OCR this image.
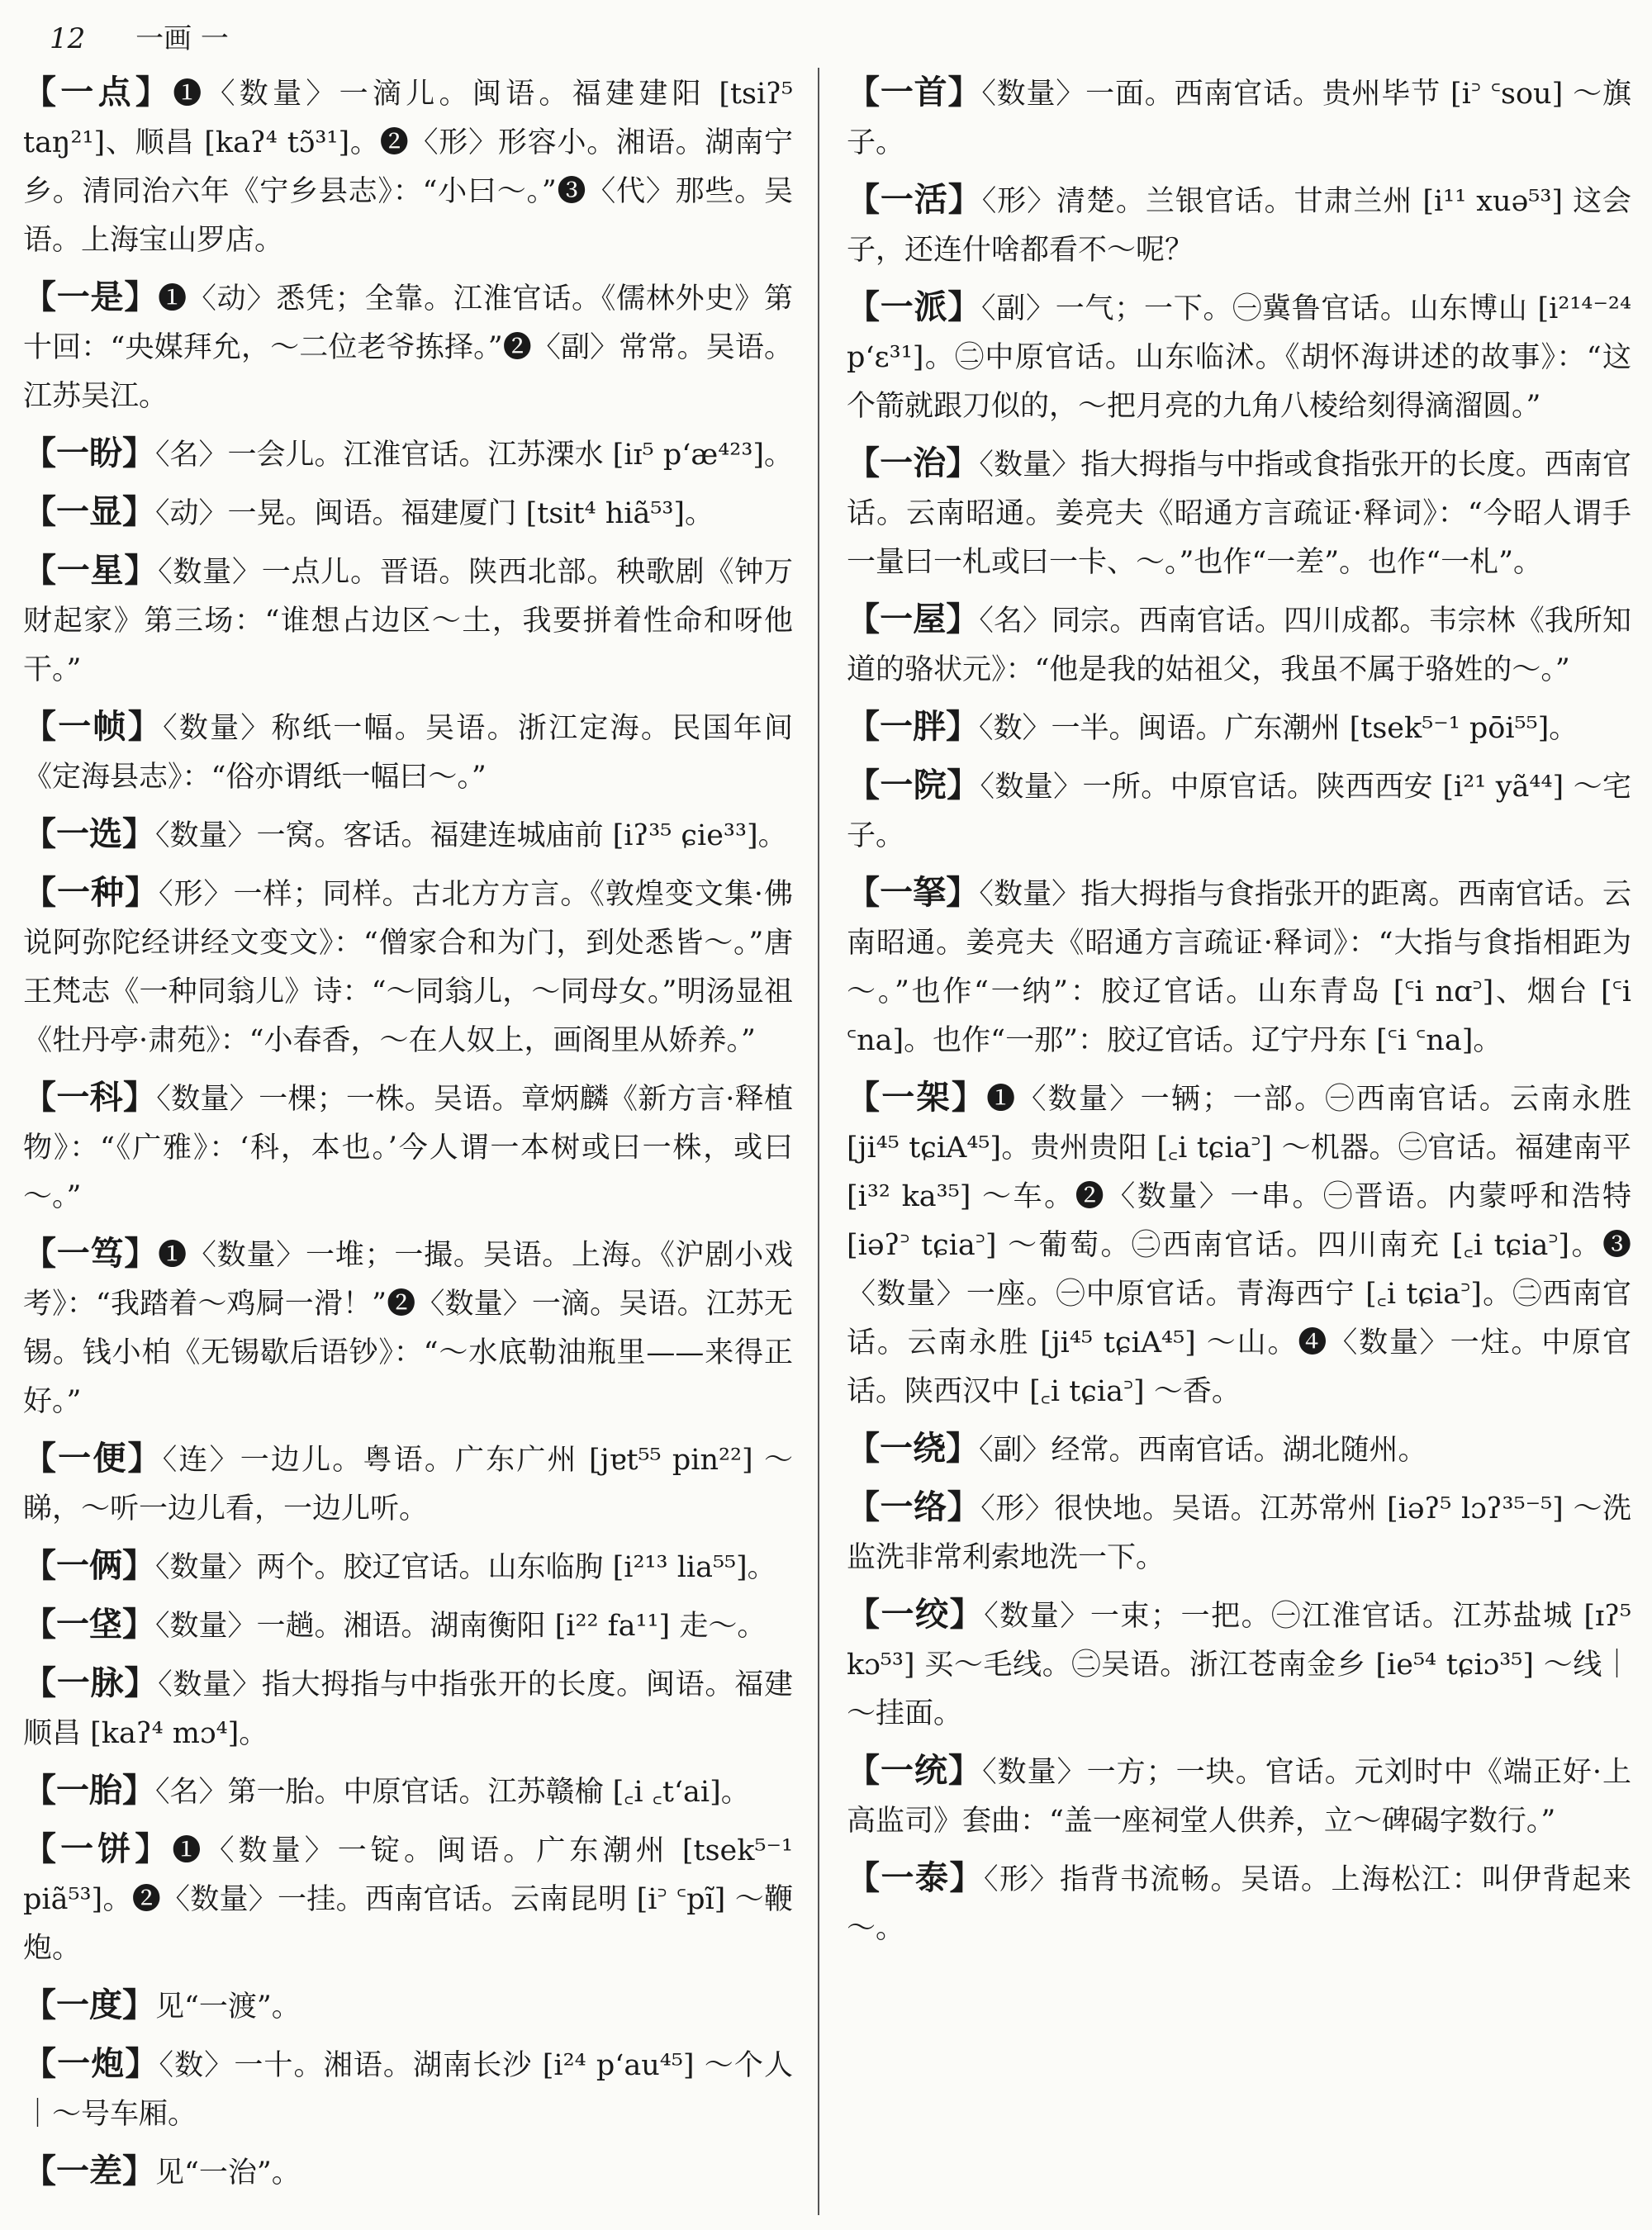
12 一画 一

【一点】❶〈数量〉一滴儿。闽语。福建建阳 [tsiʔ⁵ taŋ²¹]、顺昌 [kaʔ⁴ tɔ̃³¹]。❷〈形〉形容小。湘语。湖南宁乡。清同治六年《宁乡县志》：“小曰～。”❸〈代〉那些。吴语。上海宝山罗店。

【一是】❶〈动〉悉凭；全靠。江淮官话。《儒林外史》第十回：“央媒拜允，～二位老爷拣择。”❷〈副〉常常。吴语。江苏吴江。

【一盼】〈名〉一会儿。江淮官话。江苏溧水 [iɪ⁵ pʻæ⁴²³]。

【一显】〈动〉一晃。闽语。福建厦门 [tsit⁴ hiã⁵³]。

【一星】〈数量〉一点儿。晋语。陕西北部。秧歌剧《钟万财起家》第三场：“谁想占边区～土，我要拼着性命和呀他干。”

【一帧】〈数量〉称纸一幅。吴语。浙江定海。民国年间《定海县志》：“俗亦谓纸一幅曰～。”

【一选】〈数量〉一窝。客话。福建连城庙前 [iʔ³⁵ ɕie³³]。

【一种】〈形〉一样；同样。古北方方言。《敦煌变文集·佛说阿弥陀经讲经文变文》：“僧家合和为门，到处悉皆～。”唐王梵志《一种同翁儿》诗：“～同翁儿，～同母女。”明汤显祖《牡丹亭·肃苑》：“小春香，～在人奴上，画阁里从娇养。”

【一科】〈数量〉一棵；一株。吴语。章炳麟《新方言·释植物》：“《广雅》：‘科，本也。’今人谓一本树或曰一株，或曰～。”

【一笃】❶〈数量〉一堆；一撮。吴语。上海。《沪剧小戏考》：“我踏着～鸡屙一滑！”❷〈数量〉一滴。吴语。江苏无锡。钱小柏《无锡歇后语钞》：“～水底勒油瓶里——来得正好。”

【一便】〈连〉一边儿。粤语。广东广州 [jɐt⁵⁵ pin²²] ～睇，～听一边儿看，一边儿听。

【一俩】〈数量〉两个。胶辽官话。山东临朐 [i²¹³ lia⁵⁵]。

【一垡】〈数量〉一趟。湘语。湖南衡阳 [i²² fa¹¹] 走～。

【一脉】〈数量〉指大拇指与中指张开的长度。闽语。福建顺昌 [kaʔ⁴ mɔ⁴]。

【一胎】〈名〉第一胎。中原官话。江苏赣榆 [꜀i ꜀tʻai]。

【一饼】❶〈数量〉一锭。闽语。广东潮州 [tsek⁵⁻¹ piã⁵³]。❷〈数量〉一挂。西南官话。云南昆明 [i꜄ ꜂pĩ] ～鞭炮。

【一度】见“一渡”。

【一炮】〈数〉一十。湘语。湖南长沙 [i²⁴ pʻau⁴⁵] ～个人｜～号车厢。

【一差】见“一治”。

【一首】〈数量〉一面。西南官话。贵州毕节 [i꜄ ꜂sou] ～旗子。

【一活】〈形〉清楚。兰银官话。甘肃兰州 [i¹¹ xuə⁵³] 这会子，还连什啥都看不～呢？

【一派】〈副〉一气；一下。㊀冀鲁官话。山东博山 [i²¹⁴⁻²⁴ pʻɛ³¹]。㊁中原官话。山东临沭。《胡怀海讲述的故事》：“这个箭就跟刀似的，～把月亮的九角八棱给刻得滴溜圆。”

【一治】〈数量〉指大拇指与中指或食指张开的长度。西南官话。云南昭通。姜亮夫《昭通方言疏证·释词》：“今昭人谓手一量曰一札或曰一卡、～。”也作“一差”。也作“一札”。

【一屋】〈名〉同宗。西南官话。四川成都。韦宗林《我所知道的骆状元》：“他是我的姑祖父，我虽不属于骆姓的～。”

【一胖】〈数〉一半。闽语。广东潮州 [tsek⁵⁻¹ pōi⁵⁵]。

【一院】〈数量〉一所。中原官话。陕西西安 [i²¹ yã⁴⁴] ～宅子。

【一拏】〈数量〉指大拇指与食指张开的距离。西南官话。云南昭通。姜亮夫《昭通方言疏证·释词》：“大指与食指相距为～。”也作“一纳”：胶辽官话。山东青岛 [꜂i nɑ꜄]、烟台 [꜂i ꜂na]。也作“一那”：胶辽官话。辽宁丹东 [꜂i ꜂na]。

【一架】❶〈数量〉一辆；一部。㊀西南官话。云南永胜 [ji⁴⁵ tɕiA⁴⁵]。贵州贵阳 [꜀i tɕia꜄] ～机器。㊁官话。福建南平 [i³² ka³⁵] ～车。❷〈数量〉一串。㊀晋语。内蒙呼和浩特 [iəʔ꜄ tɕia꜄] ～葡萄。㊁西南官话。四川南充 [꜀i tɕia꜄]。❸〈数量〉一座。㊀中原官话。青海西宁 [꜀i tɕia꜄]。㊁西南官话。云南永胜 [ji⁴⁵ tɕiA⁴⁵] ～山。❹〈数量〉一炷。中原官话。陕西汉中 [꜀i tɕia꜄] ～香。

【一绕】〈副〉经常。西南官话。湖北随州。

【一络】〈形〉很快地。吴语。江苏常州 [iəʔ⁵ lɔʔ³⁵⁻⁵] ～洗监洗非常利索地洗一下。

【一绞】〈数量〉一束；一把。㊀江淮官话。江苏盐城 [ɪʔ⁵ kɔ⁵³] 买～毛线。㊁吴语。浙江苍南金乡 [ie⁵⁴ tɕiɔ³⁵] ～线｜～挂面。

【一统】〈数量〉一方；一块。官话。元刘时中《端正好·上高监司》套曲：“盖一座祠堂人供养，立～碑碣字数行。”

【一泰】〈形〉指背书流畅。吴语。上海松江：叫伊背起来～。
